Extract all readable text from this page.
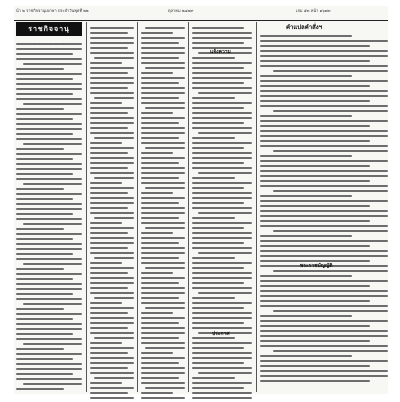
น้า ๒ ราชกิจจานุเบกษา ประจำวันพุธที่ ๒๒	ตุลาคม ๒๔๗๙	เล่ม ๕๓ หน้า ๑๖๗๓
ราชกิจจานุ	คำแปลคำสั่งฯ
พระราชบัญญัติ
ประกาศ
แจ้งความ
